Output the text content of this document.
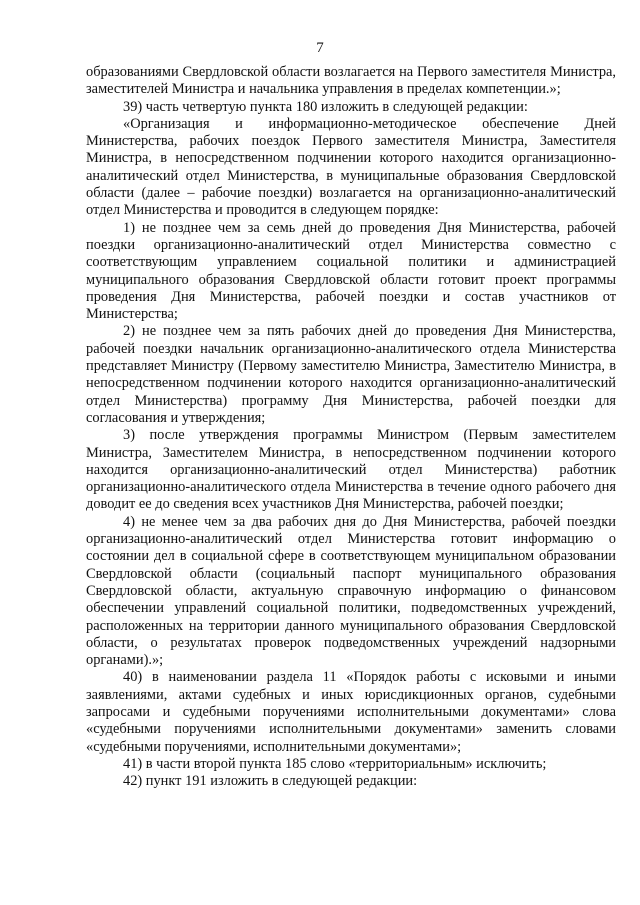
7

образованиями Свердловской области возлагается на Первого заместителя Министра, заместителей Министра и начальника управления в пределах компетенции.»;

39) часть четвертую пункта 180 изложить в следующей редакции:

«Организация и информационно-методическое обеспечение Дней Министерства, рабочих поездок Первого заместителя Министра, Заместителя Министра, в непосредственном подчинении которого находится организационно-аналитический отдел Министерства, в муниципальные образования Свердловской области (далее – рабочие поездки) возлагается на организационно-аналитический отдел Министерства и проводится в следующем порядке:

1) не позднее чем за семь дней до проведения Дня Министерства, рабочей поездки организационно-аналитический отдел Министерства совместно с соответствующим управлением социальной политики и администрацией муниципального образования Свердловской области готовит проект программы проведения Дня Министерства, рабочей поездки и состав участников от Министерства;

2) не позднее чем за пять рабочих дней до проведения Дня Министерства, рабочей поездки начальник организационно-аналитического отдела Министерства представляет Министру (Первому заместителю Министра, Заместителю Министра, в непосредственном подчинении которого находится организационно-аналитический отдел Министерства) программу Дня Министерства, рабочей поездки для согласования и утверждения;

3) после утверждения программы Министром (Первым заместителем Министра, Заместителем Министра, в непосредственном подчинении которого находится организационно-аналитический отдел Министерства) работник организационно-аналитического отдела Министерства в течение одного рабочего дня доводит ее до сведения всех участников Дня Министерства, рабочей поездки;

4) не менее чем за два рабочих дня до Дня Министерства, рабочей поездки организационно-аналитический отдел Министерства готовит информацию о состоянии дел в социальной сфере в соответствующем муниципальном образовании Свердловской области (социальный паспорт муниципального образования Свердловской области, актуальную справочную информацию о финансовом обеспечении управлений социальной политики, подведомственных учреждений, расположенных на территории данного муниципального образования Свердловской области, о результатах проверок подведомственных учреждений надзорными органами).»;

40) в наименовании раздела 11 «Порядок работы с исковыми и иными заявлениями, актами судебных и иных юрисдикционных органов, судебными запросами и судебными поручениями исполнительными документами» слова «судебными поручениями исполнительными документами» заменить словами «судебными поручениями, исполнительными документами»;

41) в части второй пункта 185 слово «территориальным» исключить;

42) пункт 191 изложить в следующей редакции:
